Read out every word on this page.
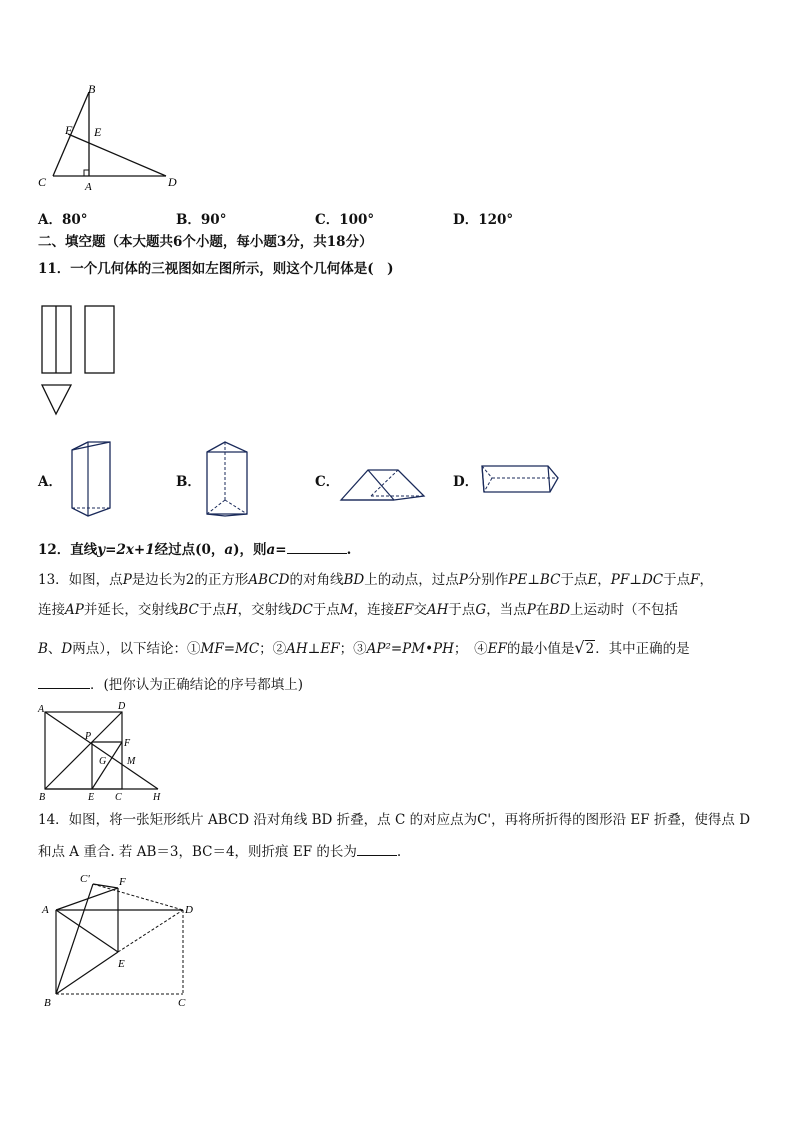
B
F E
C	A	D
A．80°	B．90°	C．100°	D．120°
二、填空题（本大题共6个小题，每小题3分，共18分）
11．一个几何体的三视图如左图所示，则这个几何体是(　)
A．	B．	C．	D．
12．直线y=2x+1经过点(0，a)，则a=	.
13．如图，点P是边长为2的正方形ABCD的对角线BD上的动点，过点P分别作PE⊥BC于点E，PF⊥DC于点F，
连接AP并延长，交射线BC于点H，交射线DC于点M，连接EF交AH于点G，当点P在BD上运动时（不包括
B、D两点），以下结论：①MF=MC；②AH⊥EF；③AP²=PM•PH；　④EF的最小值是√2．其中正确的是
．(把你认为正确结论的序号都填上)
A	D
P
F
G M
B	E C	H
14．如图，将一张矩形纸片 ABCD 沿对角线 BD 折叠，点 C 的对应点为C'，再将所折得的图形沿 EF 折叠，使得点 D
和点 A 重合. 若 AB＝3，BC＝4，则折痕 EF 的长为	.
C'	F
A	D
E
B	C
